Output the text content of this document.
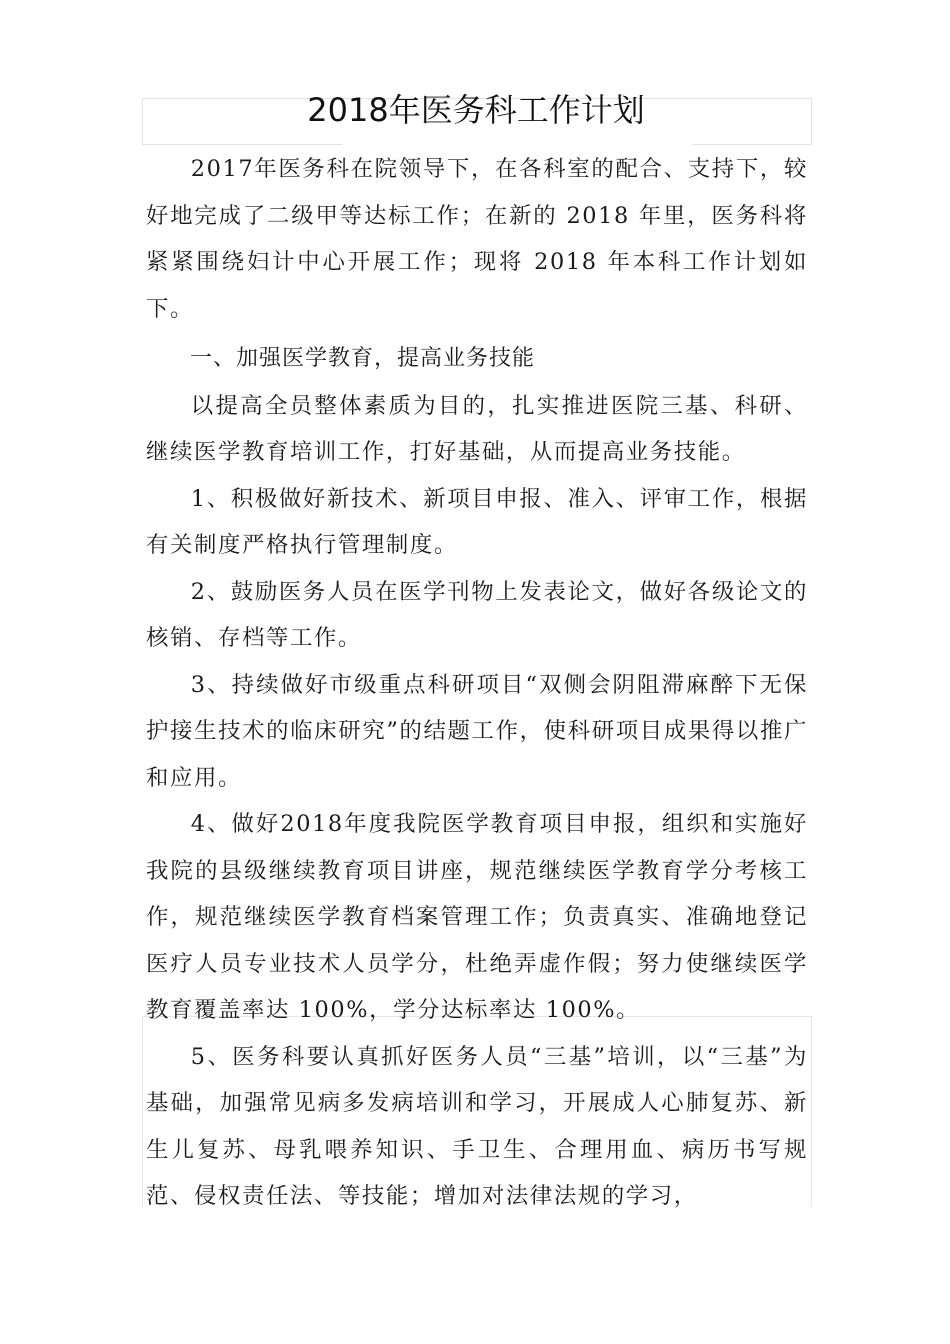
2018年医务科工作计划

2017年医务科在院领导下，在各科室的配合、支持下，较好地完成了二级甲等达标工作；在新的 2018 年里，医务科将紧紧围绕妇计中心开展工作；现将 2018 年本科工作计划如下。

一、加强医学教育，提高业务技能

以提高全员整体素质为目的，扎实推进医院三基、科研、继续医学教育培训工作，打好基础，从而提高业务技能。

1、积极做好新技术、新项目申报、准入、评审工作，根据有关制度严格执行管理制度。

2、鼓励医务人员在医学刊物上发表论文，做好各级论文的核销、存档等工作。

3、持续做好市级重点科研项目“双侧会阴阻滞麻醉下无保护接生技术的临床研究”的结题工作，使科研项目成果得以推广和应用。

4、做好2018年度我院医学教育项目申报，组织和实施好我院的县级继续教育项目讲座，规范继续医学教育学分考核工作，规范继续医学教育档案管理工作；负责真实、准确地登记医疗人员专业技术人员学分，杜绝弄虚作假；努力使继续医学教育覆盖率达 100%，学分达标率达 100%。

5、医务科要认真抓好医务人员“三基”培训，以“三基”为基础，加强常见病多发病培训和学习，开展成人心肺复苏、新生儿复苏、母乳喂养知识、手卫生、合理用血、病历书写规范、侵权责任法、等技能；增加对法律法规的学习，
